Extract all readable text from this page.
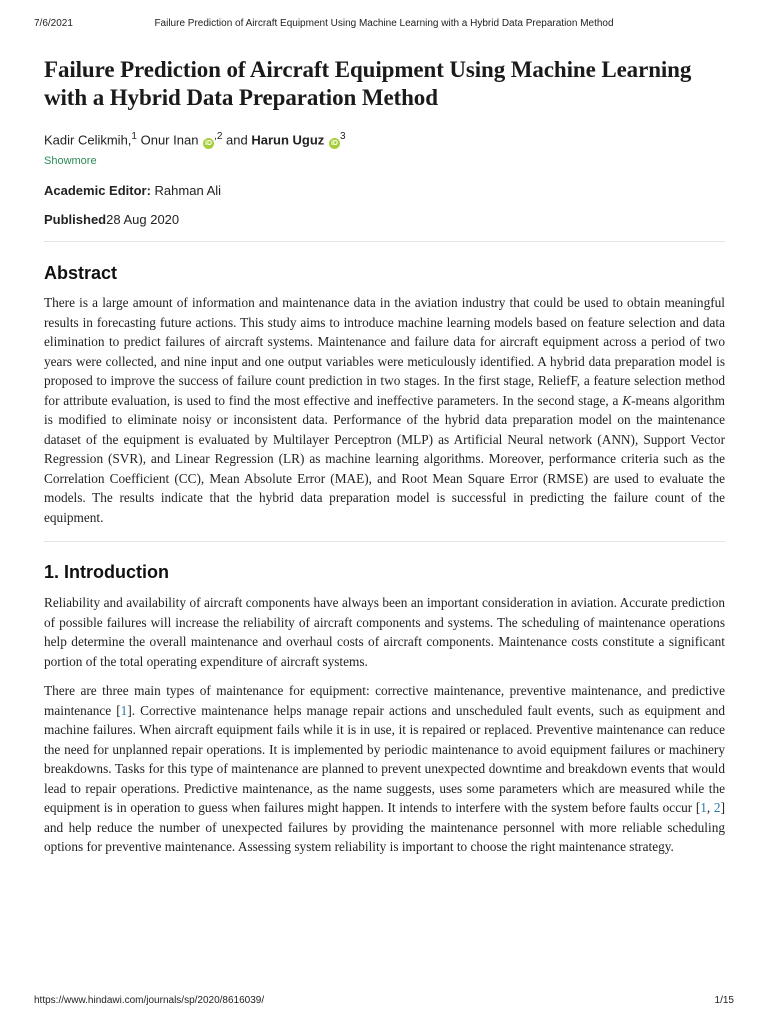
7/6/2021	Failure Prediction of Aircraft Equipment Using Machine Learning with a Hybrid Data Preparation Method
Failure Prediction of Aircraft Equipment Using Machine Learning with a Hybrid Data Preparation Method

Kadir Celikmih,$^1$ Onur Inan $iD^{,2}$ and Harun Uguz $iD^3$

Showmore

Academic Editor: Rahman Ali

Published28 Aug 2020

Abstract

There is a large amount of information and maintenance data in the aviation industry that could be used to obtain meaningful results in forecasting future actions. This study aims to introduce machine learning models based on feature selection and data elimination to predict failures of aircraft systems. Maintenance and failure data for aircraft equipment across a period of two years were collected, and nine input and one output variables were meticulously identified. A hybrid data preparation model is proposed to improve the success of failure count prediction in two stages. In the first stage, ReliefF, a feature selection method for attribute evaluation, is used to find the most effective and ineffective parameters. In the second stage, a K-means algorithm is modified to eliminate noisy or inconsistent data. Performance of the hybrid data preparation model on the maintenance dataset of the equipment is evaluated by Multilayer Perceptron (MLP) as Artificial Neural network (ANN), Support Vector Regression (SVR), and Linear Regression (LR) as machine learning algorithms. Moreover, performance criteria such as the Correlation Coefficient (CC), Mean Absolute Error (MAE), and Root Mean Square Error (RMSE) are used to evaluate the models. The results indicate that the hybrid data preparation model is successful in predicting the failure count of the equipment.

1. Introduction

Reliability and availability of aircraft components have always been an important consideration in aviation. Accurate prediction of possible failures will increase the reliability of aircraft components and systems. The scheduling of maintenance operations help determine the overall maintenance and overhaul costs of aircraft components. Maintenance costs constitute a significant portion of the total operating expenditure of aircraft systems.

There are three main types of maintenance for equipment: corrective maintenance, preventive maintenance, and predictive maintenance [1]. Corrective maintenance helps manage repair actions and unscheduled fault events, such as equipment and machine failures. When aircraft equipment fails while it is in use, it is repaired or replaced. Preventive maintenance can reduce the need for unplanned repair operations. It is implemented by periodic maintenance to avoid equipment failures or machinery breakdowns. Tasks for this type of maintenance are planned to prevent unexpected downtime and breakdown events that would lead to repair operations. Predictive maintenance, as the name suggests, uses some parameters which are measured while the equipment is in operation to guess when failures might happen. It intends to interfere with the system before faults occur [1, 2] and help reduce the number of unexpected failures by providing the maintenance personnel with more reliable scheduling options for preventive maintenance. Assessing system reliability is important to choose the right maintenance strategy.

https://www.hindawi.com/journals/sp/2020/8616039/	1/15
